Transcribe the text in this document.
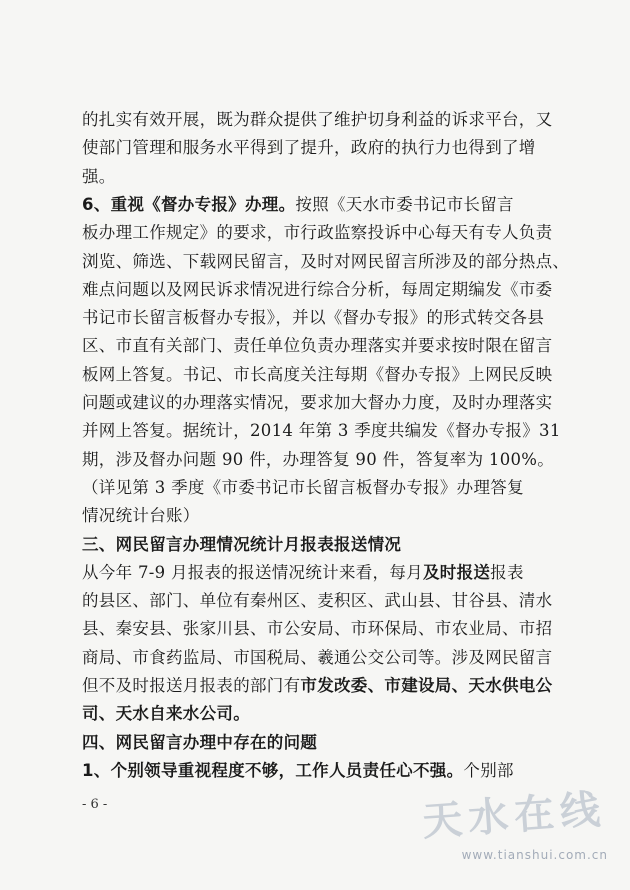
的扎实有效开展，既为群众提供了维护切身利益的诉求平台，又
使部门管理和服务水平得到了提升，政府的执行力也得到了增
强。
6、重视《督办专报》办理。按照《天水市委书记市长留言
板办理工作规定》的要求，市行政监察投诉中心每天有专人负责
浏览、筛选、下载网民留言，及时对网民留言所涉及的部分热点、
难点问题以及网民诉求情况进行综合分析，每周定期编发《市委
书记市长留言板督办专报》，并以《督办专报》的形式转交各县
区、市直有关部门、责任单位负责办理落实并要求按时限在留言
板网上答复。书记、市长高度关注每期《督办专报》上网民反映
问题或建议的办理落实情况，要求加大督办力度，及时办理落实
并网上答复。据统计，2014 年第 3 季度共编发《督办专报》31
期，涉及督办问题 90 件，办理答复 90 件，答复率为 100%。
（详见第 3 季度《市委书记市长留言板督办专报》办理答复
情况统计台账）
三、网民留言办理情况统计月报表报送情况
从今年 7-9 月报表的报送情况统计来看，每月及时报送报表
的县区、部门、单位有秦州区、麦积区、武山县、甘谷县、清水
县、秦安县、张家川县、市公安局、市环保局、市农业局、市招
商局、市食药监局、市国税局、羲通公交公司等。涉及网民留言
但不及时报送月报表的部门有市发改委、市建设局、天水供电公
司、天水自来水公司。
四、网民留言办理中存在的问题
1、个别领导重视程度不够，工作人员责任心不强。个别部
- 6 -	天水在线
www.tianshui.com.cn
